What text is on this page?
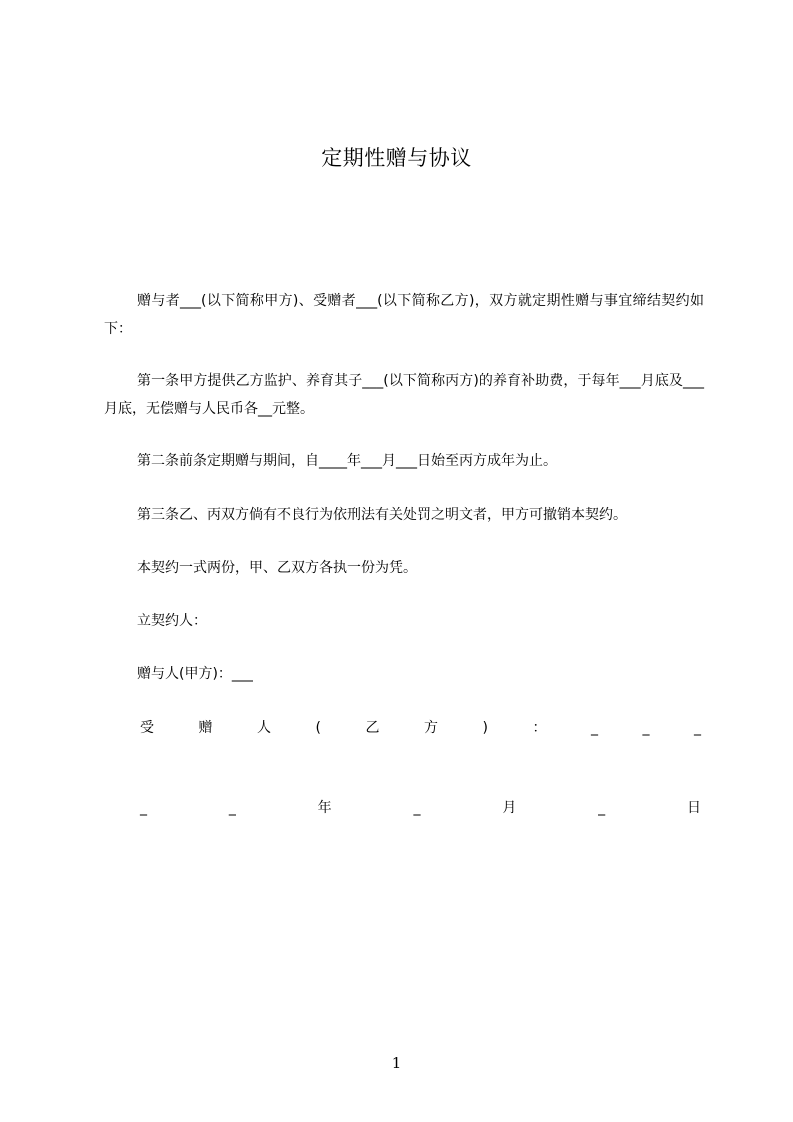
定期性赠与协议

赠与者___(以下简称甲方)、受赠者___(以下简称乙方)，双方就定期性赠与事宜缔结契约如下：

第一条甲方提供乙方监护、养育其子___(以下简称丙方)的养育补助费，于每年___月底及___月底，无偿赠与人民币各__元整。

第二条前条定期赠与期间，自____年___月___日始至丙方成年为止。
第三条乙、丙双方倘有不良行为依刑法有关处罚之明文者，甲方可撤销本契约。
本契约一式两份，甲、乙双方各执一份为凭。
立契约人：
赠与人(甲方)：___
受	赠	人	(	乙	方	)	：	_	_	_
_	_	年	_	月	_	日
1
